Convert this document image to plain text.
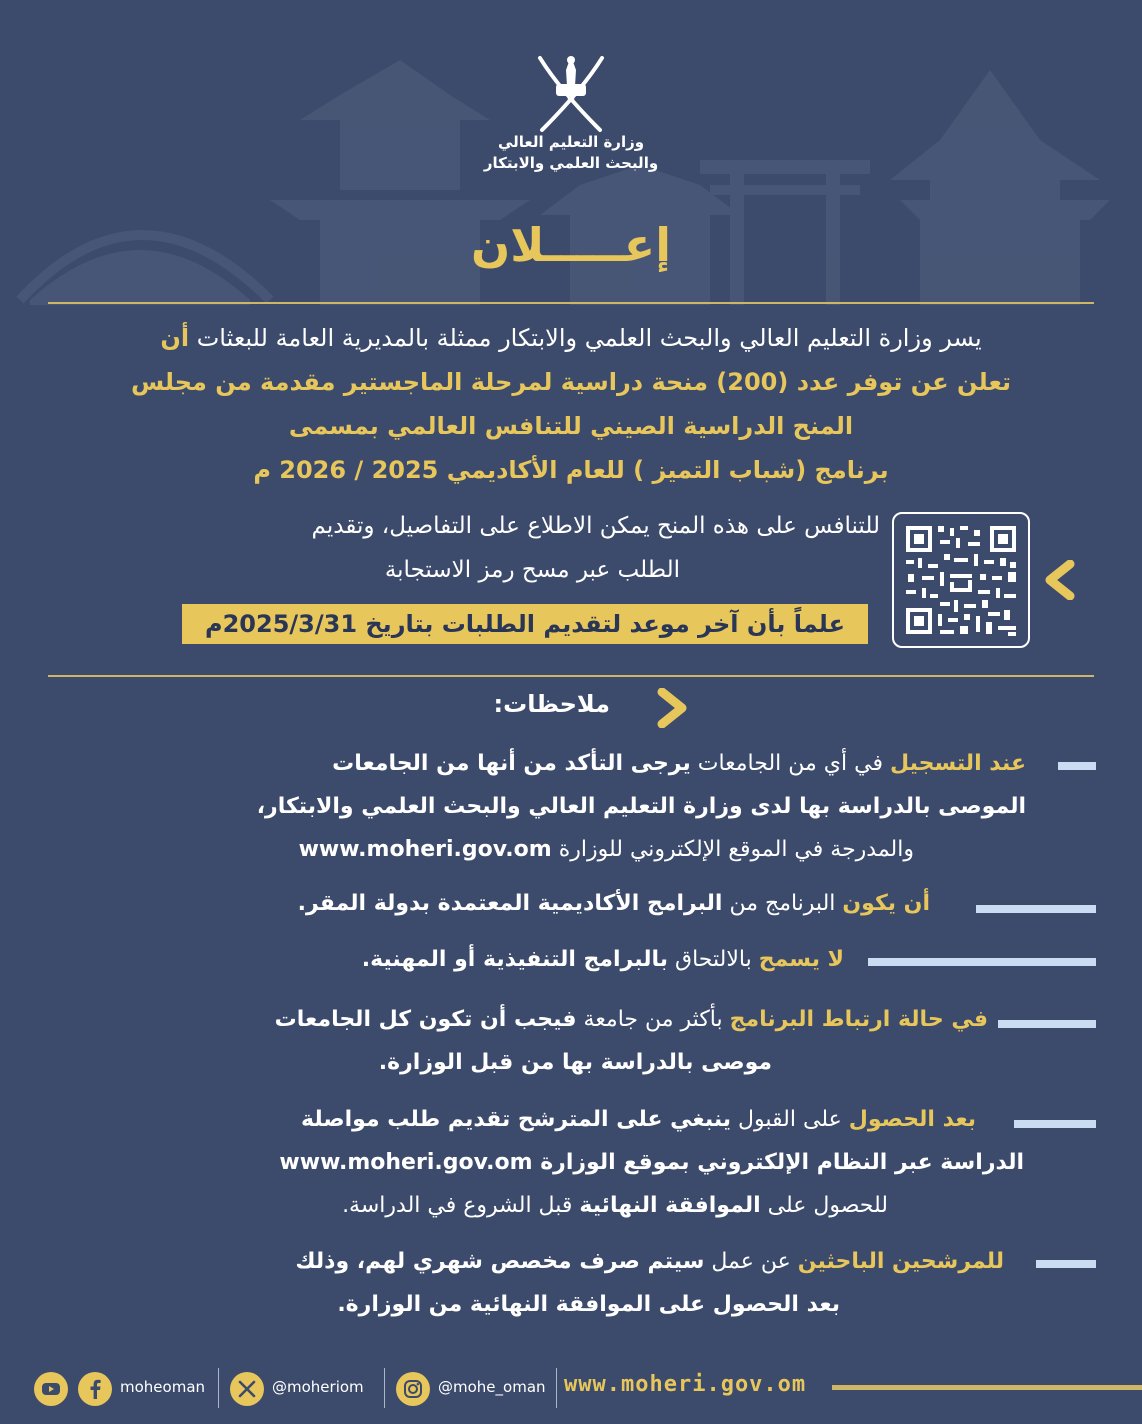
وزارة التعليم العالي
والبحث العلمي والابتكار
إعـــــلان
يسر وزارة التعليم العالي والبحث العلمي والابتكار ممثلة بالمديرية العامة للبعثات أن
تعلن عن توفر عدد (200) منحة دراسية لمرحلة الماجستير مقدمة من مجلس
المنح الدراسية الصيني للتنافس العالمي بمسمى
برنامج (شباب التميز ) للعام الأكاديمي 2025 / 2026 م
للتنافس على هذه المنح يمكن الاطلاع على التفاصيل، وتقديم
الطلب عبر مسح رمز الاستجابة
علماً بأن آخر موعد لتقديم الطلبات بتاريخ 2025/3/31م
ملاحظات:
عند التسجيل في أي من الجامعات يرجى التأكد من أنها من الجامعات
الموصى بالدراسة بها لدى وزارة التعليم العالي والبحث العلمي والابتكار،
والمدرجة في الموقع الإلكتروني للوزارة www.moheri.gov.om
أن يكون البرنامج من البرامج الأكاديمية المعتمدة بدولة المقر.
لا يسمح بالالتحاق بالبرامج التنفيذية أو المهنية.
في حالة ارتباط البرنامج بأكثر من جامعة فيجب أن تكون كل الجامعات
موصى بالدراسة بها من قبل الوزارة.
بعد الحصول على القبول ينبغي على المترشح تقديم طلب مواصلة
الدراسة عبر النظام الإلكتروني بموقع الوزارة www.moheri.gov.om
للحصول على الموافقة النهائية قبل الشروع في الدراسة.
للمرشحين الباحثين عن عمل سيتم صرف مخصص شهري لهم، وذلك
بعد الحصول على الموافقة النهائية من الوزارة.
www.moheri.gov.om
@mohe_oman
@moheriom
moheoman
